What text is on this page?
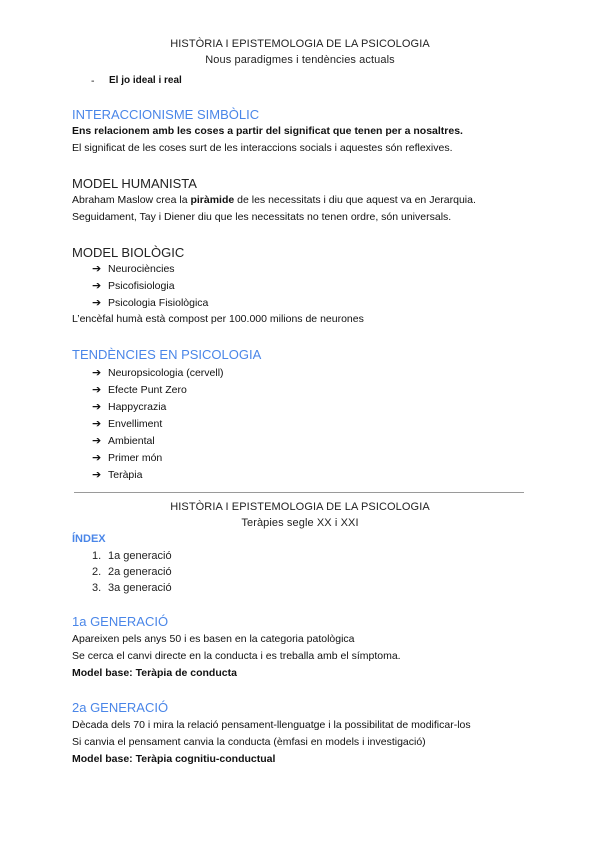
HISTÒRIA I EPISTEMOLOGIA DE LA PSICOLOGIA
Nous paradigmes i tendències actuals
- El jo ideal i real
INTERACCIONISME SIMBÒLIC
Ens relacionem amb les coses a partir del significat que tenen per a nosaltres.
El significat de les coses surt de les interaccions socials i aquestes són reflexives.
MODEL HUMANISTA
Abraham Maslow crea la piràmide de les necessitats i diu que aquest va en Jerarquia.
Seguidament, Tay i Diener diu que les necessitats no tenen ordre, són universals.
MODEL BIOLÒGIC
➔ Neurociències
➔ Psicofisiologia
➔ Psicologia Fisiològica
L’encèfal humà està compost per 100.000 milions de neurones
TENDÈNCIES EN PSICOLOGIA
➔ Neuropsicologia (cervell)
➔ Efecte Punt Zero
➔ Happycrazia
➔ Envelliment
➔ Ambiental
➔ Primer món
➔ Teràpia
HISTÒRIA I EPISTEMOLOGIA DE LA PSICOLOGIA
Teràpies segle XX i XXI
ÍNDEX
1. 1a generació
2. 2a generació
3. 3a generació
1a GENERACIÓ
Apareixen pels anys 50 i es basen en la categoria patològica
Se cerca el canvi directe en la conducta i es treballa amb el símptoma.
Model base: Teràpia de conducta
2a GENERACIÓ
Dècada dels 70 i mira la relació pensament-llenguatge i la possibilitat de modificar-los
Si canvia el pensament canvia la conducta (èmfasi en models i investigació)
Model base: Teràpia cognitiu-conductual
